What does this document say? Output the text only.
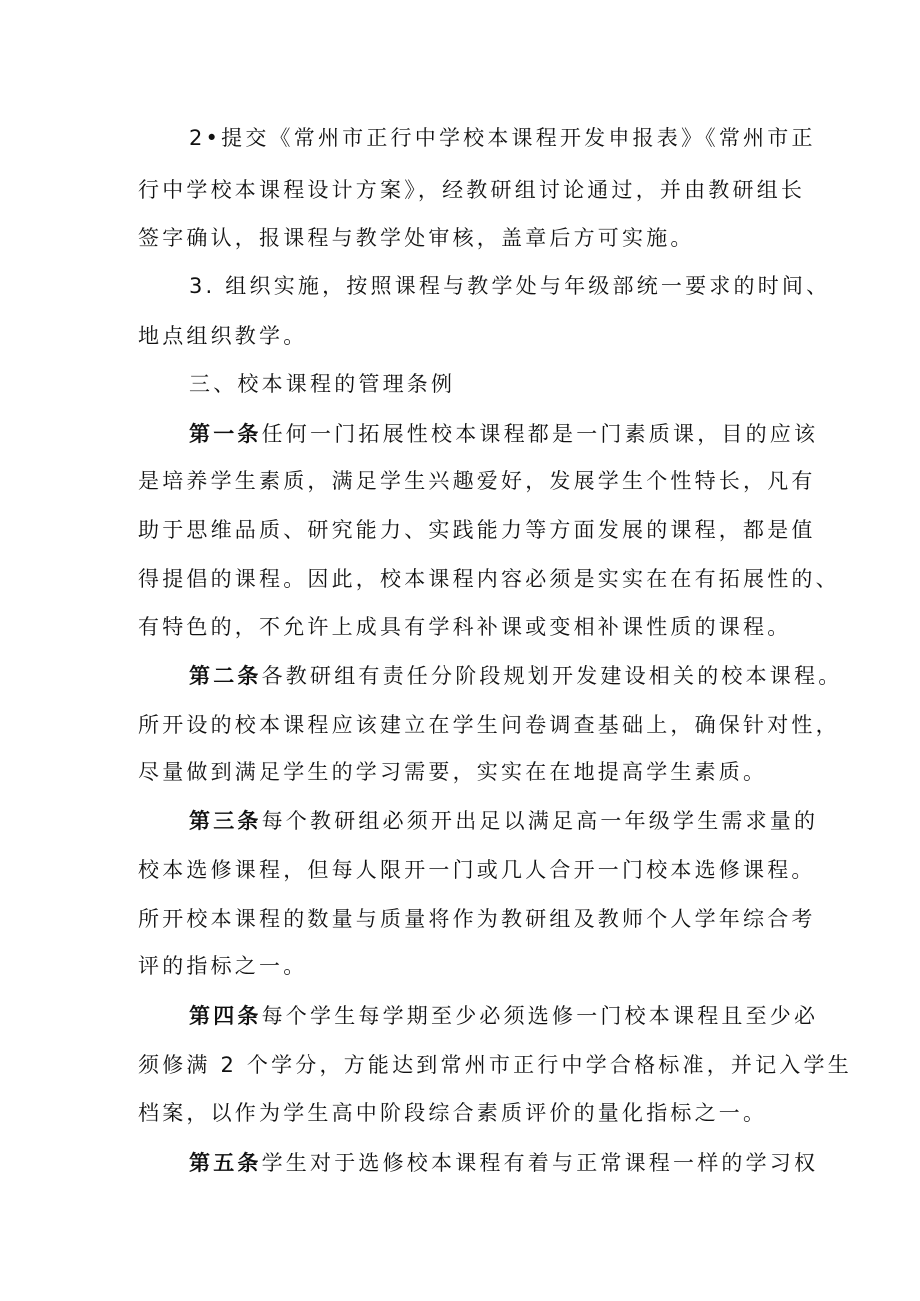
2•提交《常州市正行中学校本课程开发申报表》《常州市正
行中学校本课程设计方案》，经教研组讨论通过，并由教研组长
签字确认，报课程与教学处审核，盖章后方可实施。
3. 组织实施，按照课程与教学处与年级部统一要求的时间、
地点组织教学。
三、校本课程的管理条例
第一条任何一门拓展性校本课程都是一门素质课，目的应该
是培养学生素质，满足学生兴趣爱好，发展学生个性特长，凡有
助于思维品质、研究能力、实践能力等方面发展的课程，都是值
得提倡的课程。因此，校本课程内容必须是实实在在有拓展性的、
有特色的，不允许上成具有学科补课或变相补课性质的课程。
第二条各教研组有责任分阶段规划开发建设相关的校本课程。
所开设的校本课程应该建立在学生问卷调查基础上，确保针对性，
尽量做到满足学生的学习需要，实实在在地提高学生素质。
第三条每个教研组必须开出足以满足高一年级学生需求量的
校本选修课程，但每人限开一门或几人合开一门校本选修课程。
所开校本课程的数量与质量将作为教研组及教师个人学年综合考
评的指标之一。
第四条每个学生每学期至少必须选修一门校本课程且至少必
须修满 2 个学分，方能达到常州市正行中学合格标准，并记入学生
档案，以作为学生高中阶段综合素质评价的量化指标之一。
第五条学生对于选修校本课程有着与正常课程一样的学习权
